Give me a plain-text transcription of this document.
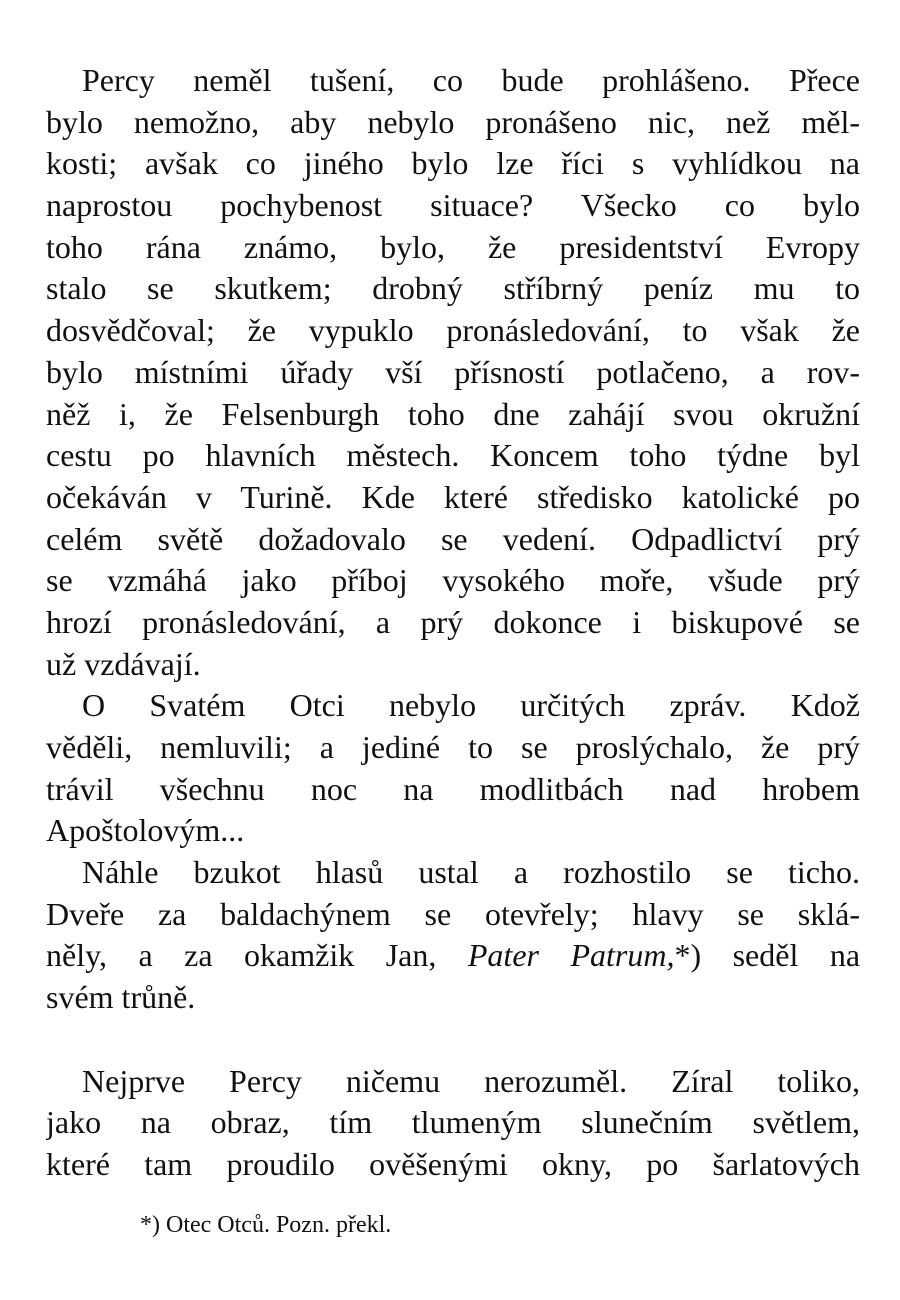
Percy neměl tušení, co bude prohlášeno. Přece
bylo nemožno, aby nebylo pronášeno nic, než měl-
kosti; avšak co jiného bylo lze říci s vyhlídkou na
naprostou pochybenost situace? Všecko co bylo
toho rána známo, bylo, že presidentství Evropy
stalo se skutkem; drobný stříbrný peníz mu to
dosvědčoval; že vypuklo pronásledování, to však že
bylo místními úřady vší přísností potlačeno, a rov-
něž i, že Felsenburgh toho dne zahájí svou okružní
cestu po hlavních městech. Koncem toho týdne byl
očekáván v Turině. Kde které středisko katolické po
celém světě dožadovalo se vedení. Odpadlictví prý
se vzmáhá jako příboj vysokého moře, všude prý
hrozí pronásledování, a prý dokonce i biskupové se
už vzdávají.
O Svatém Otci nebylo určitých zpráv. Kdož
věděli, nemluvili; a jediné to se proslýchalo, že prý
trávil všechnu noc na modlitbách nad hrobem
Apoštolovým...
Náhle bzukot hlasů ustal a rozhostilo se ticho.
Dveře za baldachýnem se otevřely; hlavy se sklá-
něly, a za okamžik Jan, Pater Patrum,*) seděl na
svém trůně.
Nejprve Percy ničemu nerozuměl. Zíral toliko,
jako na obraz, tím tlumeným slunečním světlem,
které tam proudilo ověšenými okny, po šarlatových
*) Otec Otců. Pozn. překl.
